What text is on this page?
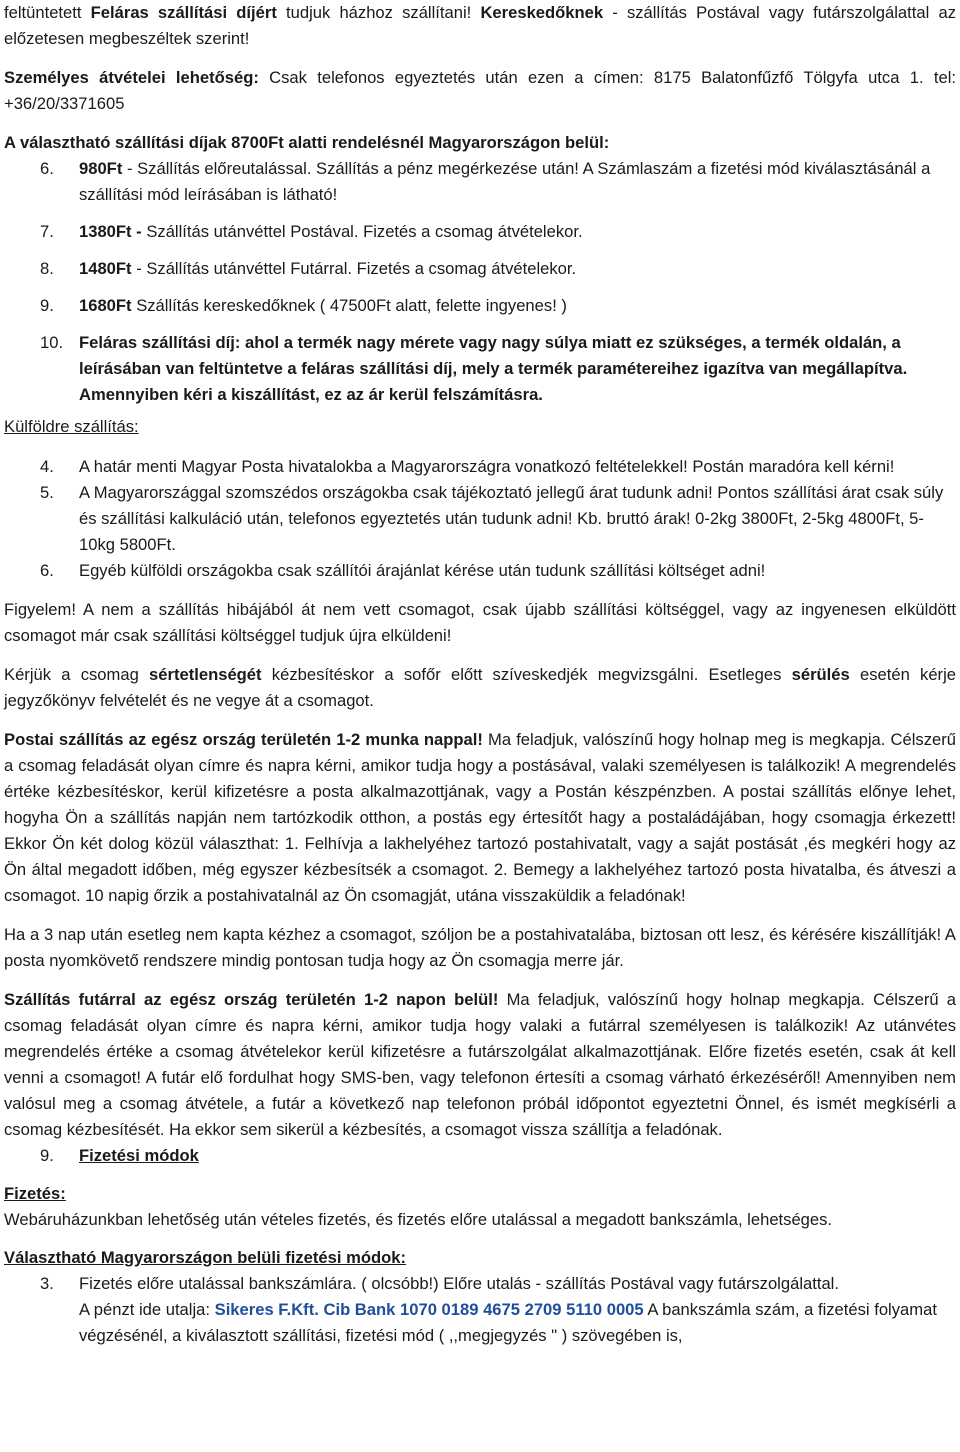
feltüntetett Feláras szállítási díjért tudjuk házhoz szállítani! Kereskedőknek - szállítás Postával vagy futárszolgálattal az előzetesen megbeszéltek szerint!

Személyes átvételei lehetőség: Csak telefonos egyeztetés után ezen a címen: 8175 Balatonfűzfő Tölgyfa utca 1. tel: +36/20/3371605

A választható szállítási díjak 8700Ft alatti rendelésnél Magyarországon belül:

6. 980Ft - Szállítás előreutalással. Szállítás a pénz megérkezése után! A Számlaszám a fizetési mód kiválasztásánál a szállítási mód leírásában is látható!
7. 1380Ft - Szállítás utánvéttel Postával. Fizetés a csomag átvételekor.
8. 1480Ft - Szállítás utánvéttel Futárral. Fizetés a csomag átvételekor.
9. 1680Ft Szállítás kereskedőknek ( 47500Ft alatt, felette ingyenes! )
10. Feláras szállítási díj: ahol a termék nagy mérete vagy nagy súlya miatt ez szükséges, a termék oldalán, a leírásában van feltüntetve a feláras szállítási díj, mely a termék paramétereihez igazítva van megállapítva. Amennyiben kéri a kiszállítást, ez az ár kerül felszámításra.

Külföldre szállítás:

4. A határ menti Magyar Posta hivatalokba a Magyarországra vonatkozó feltételekkel! Postán maradóra kell kérni!
5. A Magyarországgal szomszédos országokba csak tájékoztató jellegű árat tudunk adni! Pontos szállítási árat csak súly és szállítási kalkuláció után, telefonos egyeztetés után tudunk adni! Kb. bruttó árak! 0-2kg 3800Ft, 2-5kg 4800Ft, 5-10kg 5800Ft.
6. Egyéb külföldi országokba csak szállítói árajánlat kérése után tudunk szállítási költséget adni!

Figyelem! A nem a szállítás hibájából át nem vett csomagot, csak újabb szállítási költséggel, vagy az ingyenesen elküldött csomagot már csak szállítási költséggel tudjuk újra elküldeni!

Kérjük a csomag sértetlenségét kézbesítéskor a sofőr előtt szíveskedjék megvizsgálni. Esetleges sérülés esetén kérje jegyzőkönyv felvételét és ne vegye át a csomagot.

Postai szállítás az egész ország területén 1-2 munka nappal! Ma feladjuk, valószínű hogy holnap meg is megkapja. Célszerű a csomag feladását olyan címre és napra kérni, amikor tudja hogy a postásával, valaki személyesen is találkozik! A megrendelés értéke kézbesítéskor, kerül kifizetésre a posta alkalmazottjának, vagy a Postán készpénzben. A postai szállítás előnye lehet, hogyha Ön a szállítás napján nem tartózkodik otthon, a postás egy értesítőt hagy a postaládájában, hogy csomagja érkezett! Ekkor Ön két dolog közül választhat: 1. Felhívja a lakhelyéhez tartozó postahivatalt, vagy a saját postását ,és megkéri hogy az Ön által megadott időben, még egyszer kézbesítsék a csomagot. 2. Bemegy a lakhelyéhez tartozó posta hivatalba, és átveszi a csomagot. 10 napig őrzik a postahivatalnál az Ön csomagját, utána visszaküldik a feladónak!

Ha a 3 nap után esetleg nem kapta kézhez a csomagot, szóljon be a postahivatalába, biztosan ott lesz, és kérésére kiszállítják! A posta nyomkövető rendszere mindig pontosan tudja hogy az Ön csomagja merre jár.

Szállítás futárral az egész ország területén 1-2 napon belül! Ma feladjuk, valószínű hogy holnap megkapja. Célszerű a csomag feladását olyan címre és napra kérni, amikor tudja hogy valaki a futárral személyesen is találkozik! Az utánvétes megrendelés értéke a csomag átvételekor kerül kifizetésre a futárszolgálat alkalmazottjának. Előre fizetés esetén, csak át kell venni a csomagot! A futár elő fordulhat hogy SMS-ben, vagy telefonon értesíti a csomag várható érkezéséről! Amennyiben nem valósul meg a csomag átvétele, a futár a következő nap telefonon próbál időpontot egyeztetni Önnel, és ismét megkísérli a csomag kézbesítését. Ha ekkor sem sikerül a kézbesítés, a csomagot vissza szállítja a feladónak.

9. Fizetési módok

Fizetés:

Webáruházunkban lehetőség után vételes fizetés, és fizetés előre utalással a megadott bankszámla, lehetséges.

Választható Magyarországon belüli fizetési módok:

3. Fizetés előre utalással bankszámlára. ( olcsóbb!) Előre utalás - szállítás Postával vagy futárszolgálattal.
A pénzt ide utalja: Sikeres F.Kft. Cib Bank 1070 0189 4675 2709 5110 0005 A bankszámla szám, a fizetési folyamat végzésénél, a kiválasztott szállítási, fizetési mód ( ,,megjegyzés " ) szövegében is,
